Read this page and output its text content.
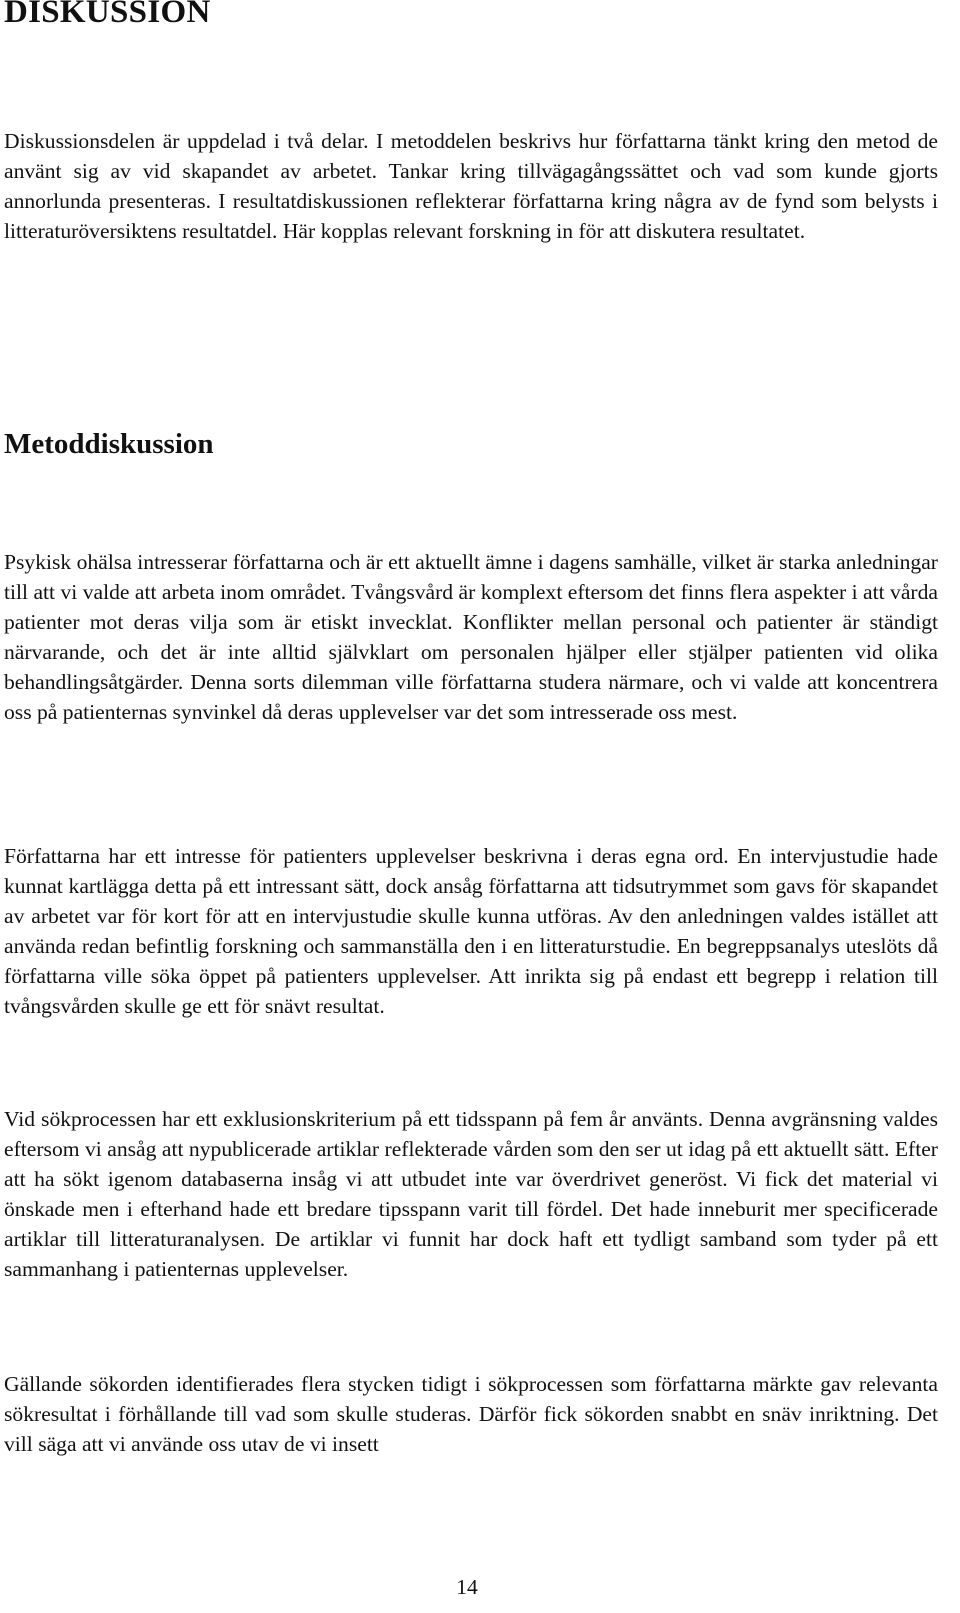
DISKUSSION

Diskussionsdelen är uppdelad i två delar. I metoddelen beskrivs hur författarna tänkt kring den metod de använt sig av vid skapandet av arbetet. Tankar kring tillvägagångssättet och vad som kunde gjorts annorlunda presenteras. I resultatdiskussionen reflekterar författarna kring några av de fynd som belysts i litteraturöversiktens resultatdel. Här kopplas relevant forskning in för att diskutera resultatet.

Metoddiskussion

Psykisk ohälsa intresserar författarna och är ett aktuellt ämne i dagens samhälle, vilket är starka anledningar till att vi valde att arbeta inom området. Tvångsvård är komplext eftersom det finns flera aspekter i att vårda patienter mot deras vilja som är etiskt invecklat. Konflikter mellan personal och patienter är ständigt närvarande, och det är inte alltid självklart om personalen hjälper eller stjälper patienten vid olika behandlingsåtgärder. Denna sorts dilemman ville författarna studera närmare, och vi valde att koncentrera oss på patienternas synvinkel då deras upplevelser var det som intresserade oss mest.

Författarna har ett intresse för patienters upplevelser beskrivna i deras egna ord. En intervjustudie hade kunnat kartlägga detta på ett intressant sätt, dock ansåg författarna att tidsutrymmet som gavs för skapandet av arbetet var för kort för att en intervjustudie skulle kunna utföras. Av den anledningen valdes istället att använda redan befintlig forskning och sammanställa den i en litteraturstudie. En begreppsanalys uteslöts då författarna ville söka öppet på patienters upplevelser. Att inrikta sig på endast ett begrepp i relation till tvångsvården skulle ge ett för snävt resultat.

Vid sökprocessen har ett exklusionskriterium på ett tidsspann på fem år använts. Denna avgränsning valdes eftersom vi ansåg att nypublicerade artiklar reflekterade vården som den ser ut idag på ett aktuellt sätt. Efter att ha sökt igenom databaserna insåg vi att utbudet inte var överdrivet generöst. Vi fick det material vi önskade men i efterhand hade ett bredare tipsspann varit till fördel. Det hade inneburit mer specificerade artiklar till litteraturanalysen. De artiklar vi funnit har dock haft ett tydligt samband som tyder på ett sammanhang i patienternas upplevelser.

Gällande sökorden identifierades flera stycken tidigt i sökprocessen som författarna märkte gav relevanta sökresultat i förhållande till vad som skulle studeras. Därför fick sökorden snabbt en snäv inriktning. Det vill säga att vi använde oss utav de vi insett

14
